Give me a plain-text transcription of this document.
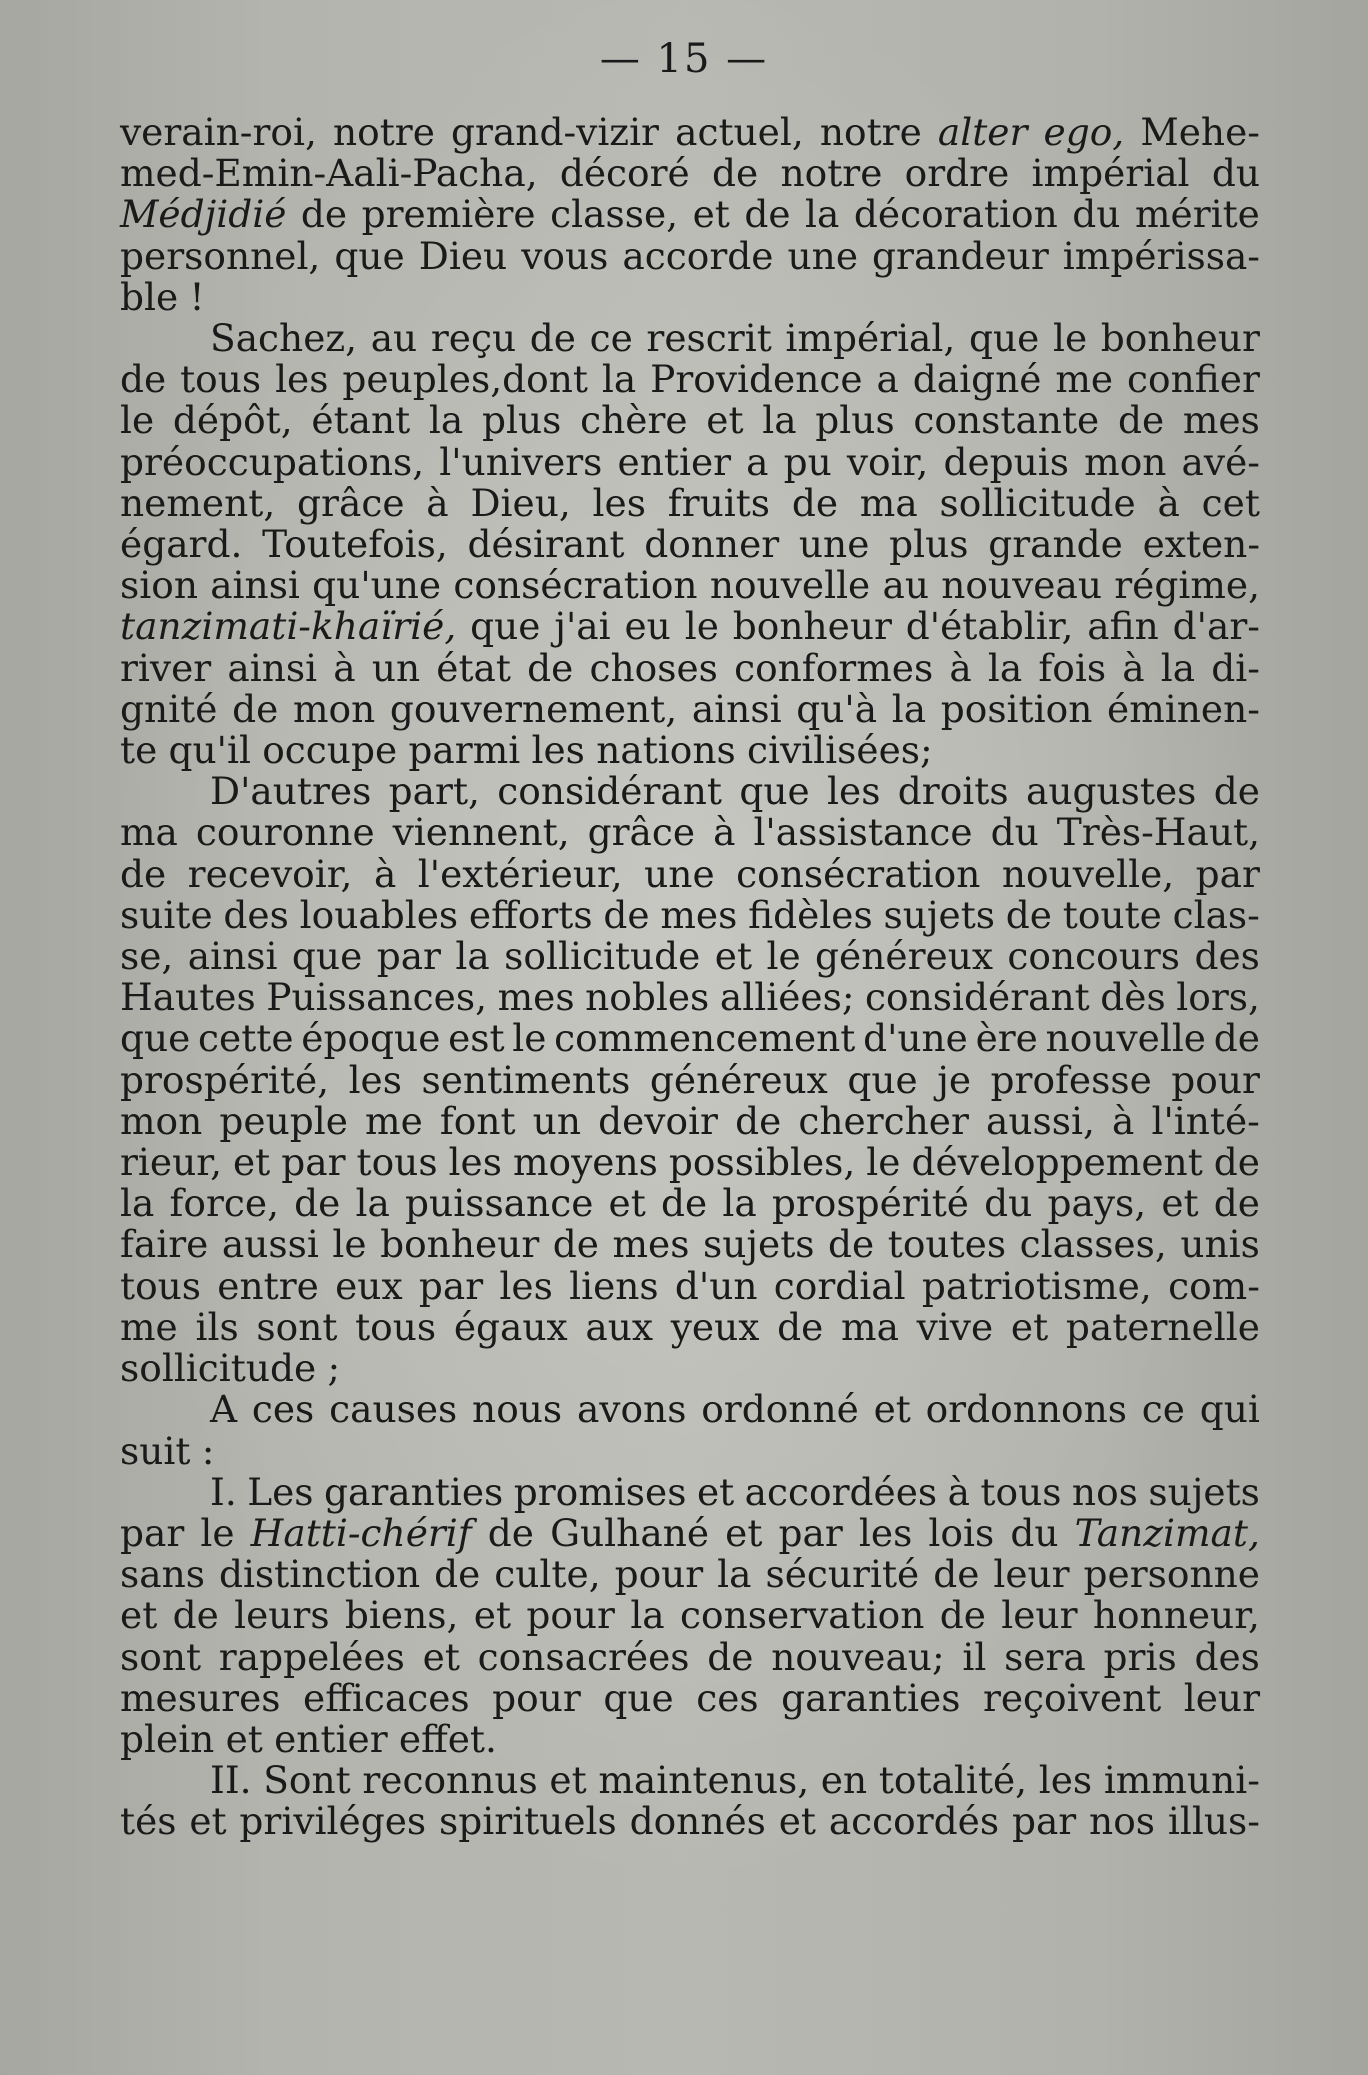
— 15 —
verain-roi, notre grand-vizir actuel, notre alter ego, Mehe-
med-Emin-Aali-Pacha, décoré de notre ordre impérial du
Médjidié de première classe, et de la décoration du mérite
personnel, que Dieu vous accorde une grandeur impérissa-
ble !
Sachez, au reçu de ce rescrit impérial, que le bonheur
de tous les peuples,dont la Providence a daigné me confier
le dépôt, étant la plus chère et la plus constante de mes
préoccupations, l'univers entier a pu voir, depuis mon avé-
nement, grâce à Dieu, les fruits de ma sollicitude à cet
égard. Toutefois, désirant donner une plus grande exten-
sion ainsi qu'une consécration nouvelle au nouveau régime,
tanzimati-khaïrié, que j'ai eu le bonheur d'établir, afin d'ar-
river ainsi à un état de choses conformes à la fois à la di-
gnité de mon gouvernement, ainsi qu'à la position éminen-
te qu'il occupe parmi les nations civilisées;
D'autres part, considérant que les droits augustes de
ma couronne viennent, grâce à l'assistance du Très-Haut,
de recevoir, à l'extérieur, une consécration nouvelle, par
suite des louables efforts de mes fidèles sujets de toute clas-
se, ainsi que par la sollicitude et le généreux concours des
Hautes Puissances, mes nobles alliées; considérant dès lors,
que cette époque est le commencement d'une ère nouvelle de
prospérité, les sentiments généreux que je professe pour
mon peuple me font un devoir de chercher aussi, à l'inté-
rieur, et par tous les moyens possibles, le développement de
la force, de la puissance et de la prospérité du pays, et de
faire aussi le bonheur de mes sujets de toutes classes, unis
tous entre eux par les liens d'un cordial patriotisme, com-
me ils sont tous égaux aux yeux de ma vive et paternelle
sollicitude ;
A ces causes nous avons ordonné et ordonnons ce qui
suit :
I. Les garanties promises et accordées à tous nos sujets
par le Hatti-chérif de Gulhané et par les lois du Tanzimat,
sans distinction de culte, pour la sécurité de leur personne
et de leurs biens, et pour la conservation de leur honneur,
sont rappelées et consacrées de nouveau; il sera pris des
mesures efficaces pour que ces garanties reçoivent leur
plein et entier effet.
II. Sont reconnus et maintenus, en totalité, les immuni-
tés et priviléges spirituels donnés et accordés par nos illus-
